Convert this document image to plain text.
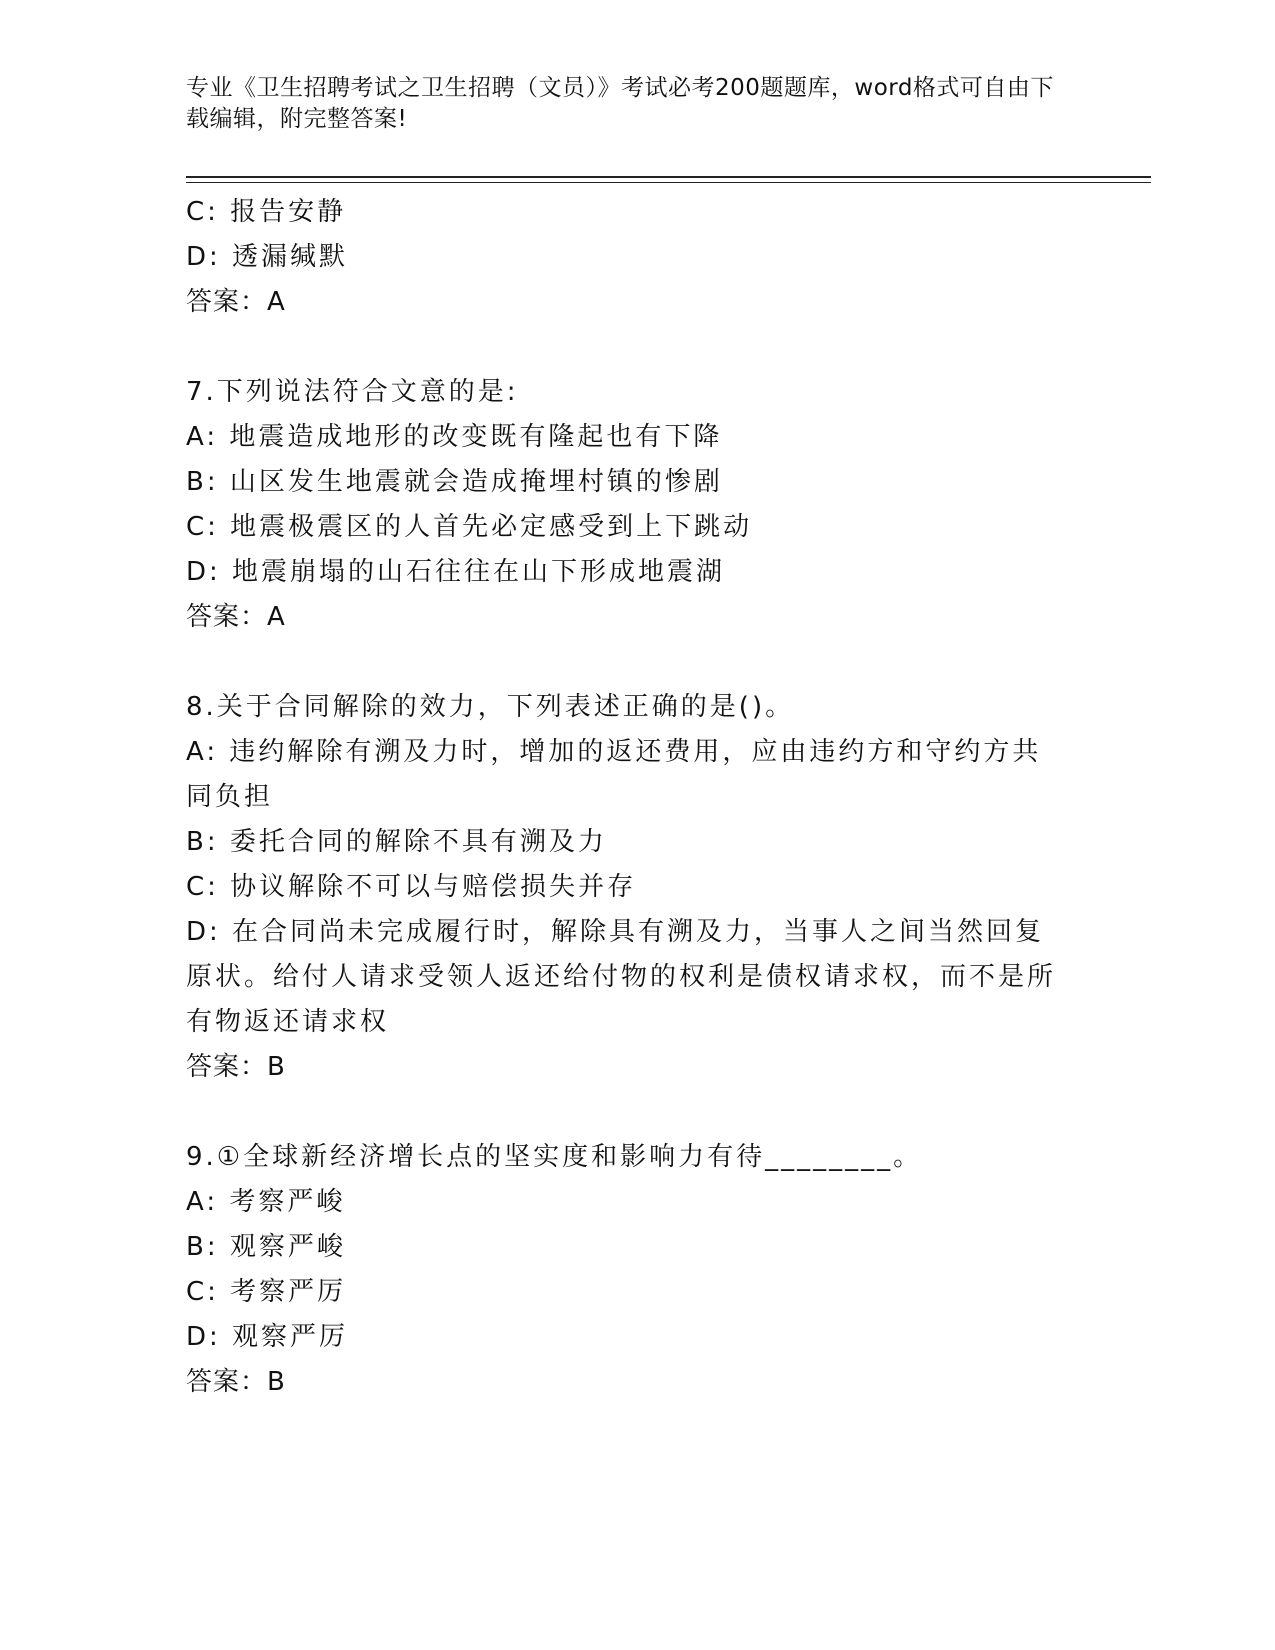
专业《卫生招聘考试之卫生招聘（文员）》考试必考200题题库，word格式可自由下载编辑，附完整答案!
C: 报告安静
D: 透漏缄默
答案：A
7.下列说法符合文意的是:
A: 地震造成地形的改变既有隆起也有下降
B: 山区发生地震就会造成掩埋村镇的惨剧
C: 地震极震区的人首先必定感受到上下跳动
D: 地震崩塌的山石往往在山下形成地震湖
答案：A
8.关于合同解除的效力，下列表述正确的是()。
A: 违约解除有溯及力时，增加的返还费用，应由违约方和守约方共同负担
B: 委托合同的解除不具有溯及力
C: 协议解除不可以与赔偿损失并存
D: 在合同尚未完成履行时，解除具有溯及力，当事人之间当然回复原状。给付人请求受领人返还给付物的权利是债权请求权，而不是所有物返还请求权
答案：B
9.①全球新经济增长点的坚实度和影响力有待________。
A: 考察严峻
B: 观察严峻
C: 考察严厉
D: 观察严厉
答案：B
